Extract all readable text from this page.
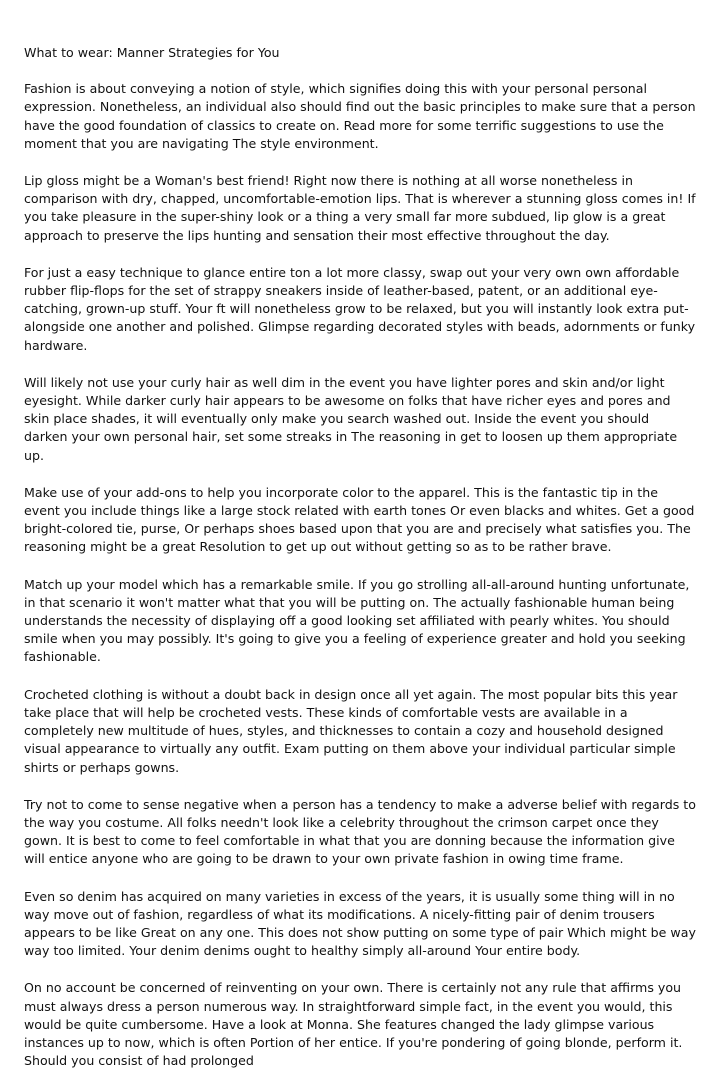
What to wear: Manner Strategies for You

Fashion is about conveying a notion of style, which signifies doing this with your personal personal expression. Nonetheless, an individual also should find out the basic principles to make sure that a person have the good foundation of classics to create on. Read more for some terrific suggestions to use the moment that you are navigating The style environment.

Lip gloss might be a Woman's best friend! Right now there is nothing at all worse nonetheless in comparison with dry, chapped, uncomfortable-emotion lips. That is wherever a stunning gloss comes in! If you take pleasure in the super-shiny look or a thing a very small far more subdued, lip glow is a great approach to preserve the lips hunting and sensation their most effective throughout the day.

For just a easy technique to glance entire ton a lot more classy, swap out your very own own affordable rubber flip-flops for the set of strappy sneakers inside of leather-based, patent, or an additional eye-catching, grown-up stuff. Your ft will nonetheless grow to be relaxed, but you will instantly look extra put-alongside one another and polished. Glimpse regarding decorated styles with beads, adornments or funky hardware.

Will likely not use your curly hair as well dim in the event you have lighter pores and skin and/or light eyesight. While darker curly hair appears to be awesome on folks that have richer eyes and pores and skin place shades, it will eventually only make you search washed out. Inside the event you should darken your own personal hair, set some streaks in The reasoning in get to loosen up them appropriate up.

Make use of your add-ons to help you incorporate color to the apparel. This is the fantastic tip in the event you include things like a large stock related with earth tones Or even blacks and whites. Get a good bright-colored tie, purse, Or perhaps shoes based upon that you are and precisely what satisfies you. The reasoning might be a great Resolution to get up out without getting so as to be rather brave.

Match up your model which has a remarkable smile. If you go strolling all-all-around hunting unfortunate, in that scenario it won't matter what that you will be putting on. The actually fashionable human being understands the necessity of displaying off a good looking set affiliated with pearly whites. You should smile when you may possibly. It's going to give you a feeling of experience greater and hold you seeking fashionable.

Crocheted clothing is without a doubt back in design once all yet again. The most popular bits this year take place that will help be crocheted vests. These kinds of comfortable vests are available in a completely new multitude of hues, styles, and thicknesses to contain a cozy and household designed visual appearance to virtually any outfit. Exam putting on them above your individual particular simple shirts or perhaps gowns.

Try not to come to sense negative when a person has a tendency to make a adverse belief with regards to the way you costume. All folks needn't look like a celebrity throughout the crimson carpet once they gown. It is best to come to feel comfortable in what that you are donning because the information give will entice anyone who are going to be drawn to your own private fashion in owing time frame.

Even so denim has acquired on many varieties in excess of the years, it is usually some thing will in no way move out of fashion, regardless of what its modifications. A nicely-fitting pair of denim trousers appears to be like Great on any one. This does not show putting on some type of pair Which might be way way too limited. Your denim denims ought to healthy simply all-around Your entire body.

On no account be concerned of reinventing on your own. There is certainly not any rule that affirms you must always dress a person numerous way. In straightforward simple fact, in the event you would, this would be quite cumbersome. Have a look at Monna. She features changed the lady glimpse various instances up to now, which is often Portion of her entice. If you're pondering of going blonde, perform it. Should you consist of had prolonged
